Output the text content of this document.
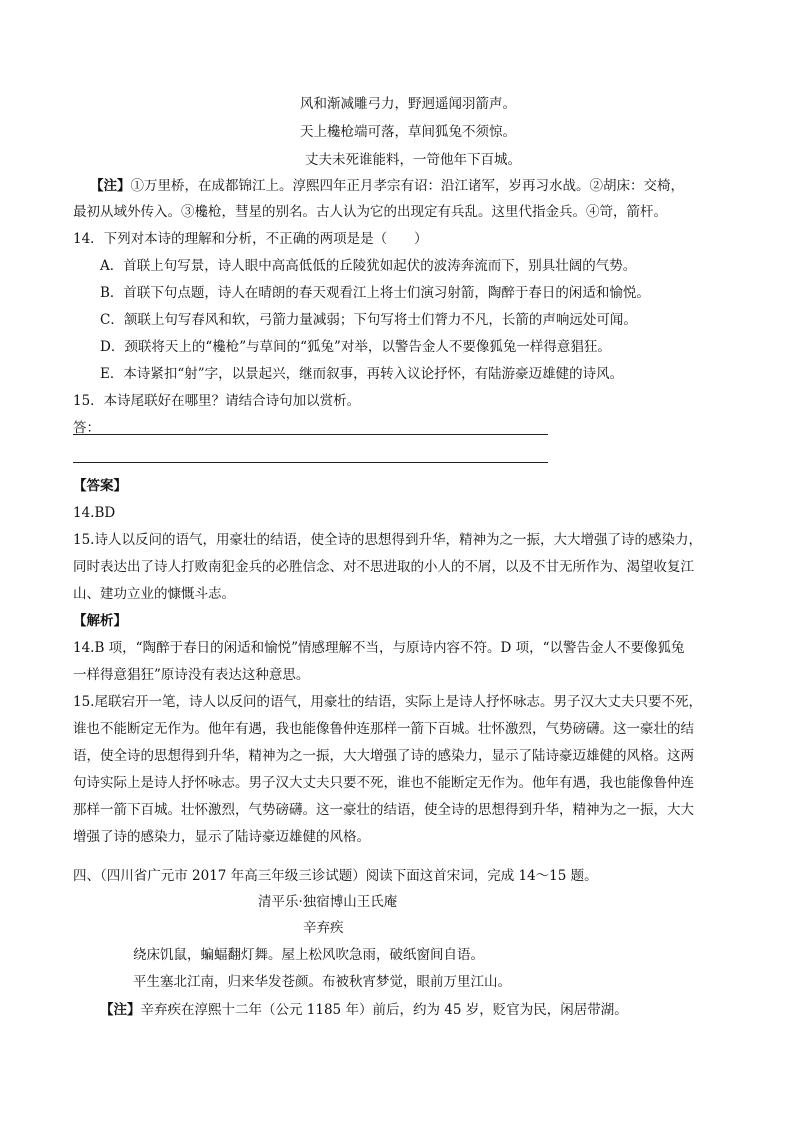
风和渐减雕弓力，野迥遥闻羽箭声。
天上欃枪端可落，草间狐兔不须惊。
丈夫未死谁能料，一笴他年下百城。
【注】①万里桥，在成都锦江上。淳熙四年正月孝宗有诏：沿江诸军，岁再习水战。②胡床：交椅，
最初从域外传入。③欃枪，彗星的别名。古人认为它的出现定有兵乱。这里代指金兵。④笴，箭杆。
14．下列对本诗的理解和分析，不正确的两项是是（　　）
A．首联上句写景，诗人眼中高高低低的丘陵犹如起伏的波涛奔流而下，别具壮阔的气势。
B．首联下句点题，诗人在晴朗的春天观看江上将士们演习射箭，陶醉于春日的闲适和愉悦。
C．颔联上句写春风和软，弓箭力量减弱；下句写将士们膂力不凡，长箭的声响远处可闻。
D．颈联将天上的“欃枪”与草间的“狐兔”对举，以警告金人不要像狐兔一样得意猖狂。
E．本诗紧扣“射”字，以景起兴，继而叙事，再转入议论抒怀，有陆游豪迈雄健的诗风。
15．本诗尾联好在哪里？请结合诗句加以赏析。
答：
【答案】
14.BD
15.诗人以反问的语气，用豪壮的结语，使全诗的思想得到升华，精神为之一振，大大增强了诗的感染力，
同时表达出了诗人打败南犯金兵的必胜信念、对不思进取的小人的不屑，以及不甘无所作为、渴望收复江
山、建功立业的慷慨斗志。
【解析】
14.B 项，“陶醉于春日的闲适和愉悦”情感理解不当，与原诗内容不符。D 项，“以警告金人不要像狐兔
一样得意猖狂”原诗没有表达这种意思。
15.尾联宕开一笔，诗人以反问的语气，用豪壮的结语，实际上是诗人抒怀咏志。男子汉大丈夫只要不死，
谁也不能断定无作为。他年有遇，我也能像鲁仲连那样一箭下百城。壮怀激烈，气势磅礴。这一豪壮的结
语，使全诗的思想得到升华，精神为之一振，大大增强了诗的感染力，显示了陆诗豪迈雄健的风格。这两
句诗实际上是诗人抒怀咏志。男子汉大丈夫只要不死，谁也不能断定无作为。他年有遇，我也能像鲁仲连
那样一箭下百城。壮怀激烈，气势磅礴。这一豪壮的结语，使全诗的思想得到升华，精神为之一振，大大
增强了诗的感染力，显示了陆诗豪迈雄健的风格。
四、（四川省广元市 2017 年高三年级三诊试题）阅读下面这首宋词，完成 14～15 题。
清平乐·独宿博山王氏庵
辛弃疾
绕床饥鼠，蝙蝠翻灯舞。屋上松风吹急雨，破纸窗间自语。
平生塞北江南，归来华发苍颜。布被秋宵梦觉，眼前万里江山。
【注】辛弃疾在淳熙十二年（公元 1185 年）前后，约为 45 岁，贬官为民，闲居带湖。
